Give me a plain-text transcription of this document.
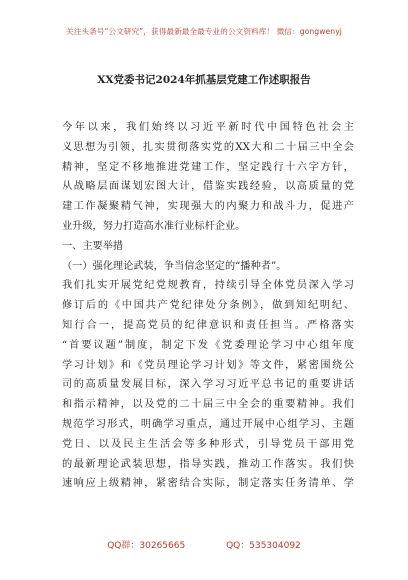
关注头条号“公文研究”，获得最新最全最专业的公文资料库！ 微信：gongwenyj
XX党委书记2024年抓基层党建工作述职报告
今年以来，我们始终以习近平新时代中国特色社会主
义思想为引领，扎实贯彻落实党的XX大和二十届三中全会
精神，坚定不移地推进党建工作，坚定践行十六字方针，
从战略层面谋划宏图大计，借鉴实践经验，以高质量的党
建工作凝聚精气神，实现强大的内聚力和战斗力，促进产
业升级，努力打造高水准行业标杆企业。
一、主要举措
（一）强化理论武装，争当信念坚定的“播种者”。
我们扎实开展党纪党规教育，持续引导全体党员深入学习
修订后的《中国共产党纪律处分条例》，做到知纪明纪、
知行合一，提高党员的纪律意识和责任担当。严格落实
“首要议题”制度，制定下发《党委理论学习中心组年度
学习计划》和《党员理论学习计划》等文件，紧密围绕公
司的高质量发展目标，深入学习习近平总书记的重要讲话
和指示精神，以及党的二十届三中全会的重要精神。我们
规范学习形式，明确学习重点，通过开展中心组学习、主题
党日、以及民主生活会等多种形式，引导党员干部用党
的最新理论武装思想，指导实践，推动工作落实。我们快
速响应上级精神，紧密结合实际，制定落实任务清单、学
QQ群：30265665	QQ：535304092
